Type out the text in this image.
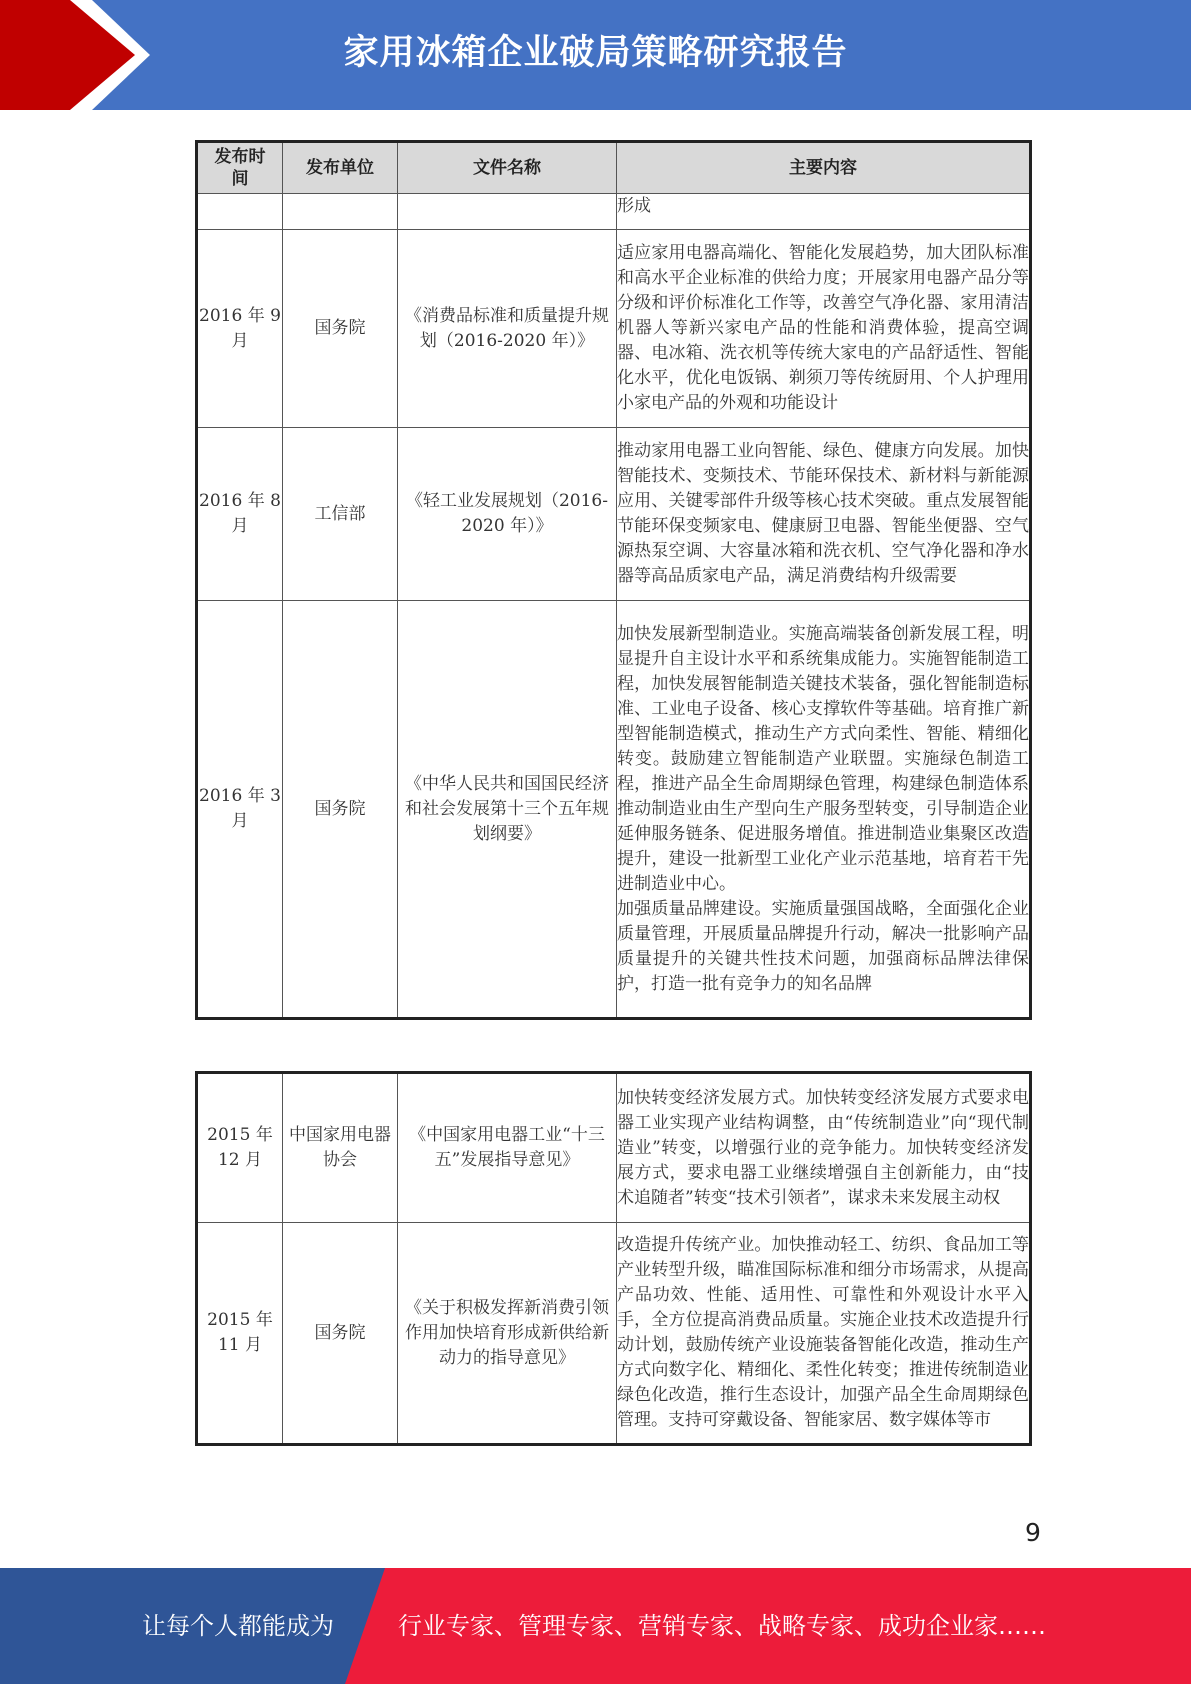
家用冰箱企业破局策略研究报告
发布时间	发布单位	文件名称	主要内容
			形成
2016 年 9 月	国务院	《消费品标准和质量提升规划（2016-2020 年）》	适应家用电器高端化、智能化发展趋势，加大团队标准和高水平企业标准的供给力度；开展家用电器产品分等分级和评价标准化工作等，改善空气净化器、家用清洁机器人等新兴家电产品的性能和消费体验，提高空调器、电冰箱、洗衣机等传统大家电的产品舒适性、智能化水平，优化电饭锅、剃须刀等传统厨用、个人护理用小家电产品的外观和功能设计
2016 年 8 月	工信部	《轻工业发展规划（2016-2020 年）》	推动家用电器工业向智能、绿色、健康方向发展。加快智能技术、变频技术、节能环保技术、新材料与新能源应用、关键零部件升级等核心技术突破。重点发展智能节能环保变频家电、健康厨卫电器、智能坐便器、空气源热泵空调、大容量冰箱和洗衣机、空气净化器和净水器等高品质家电产品，满足消费结构升级需要
2016 年 3 月	国务院	《中华人民共和国国民经济和社会发展第十三个五年规划纲要》	加快发展新型制造业。实施高端装备创新发展工程，明显提升自主设计水平和系统集成能力。实施智能制造工程，加快发展智能制造关键技术装备，强化智能制造标准、工业电子设备、核心支撑软件等基础。培育推广新型智能制造模式，推动生产方式向柔性、智能、精细化转变。鼓励建立智能制造产业联盟。实施绿色制造工程，推进产品全生命周期绿色管理，构建绿色制造体系推动制造业由生产型向生产服务型转变，引导制造企业延伸服务链条、促进服务增值。推进制造业集聚区改造提升，建设一批新型工业化产业示范基地，培育若干先进制造业中心。
加强质量品牌建设。实施质量强国战略，全面强化企业质量管理，开展质量品牌提升行动，解决一批影响产品质量提升的关键共性技术问题，加强商标品牌法律保护，打造一批有竞争力的知名品牌
2015 年 12 月	中国家用电器协会	《中国家用电器工业“十三五”发展指导意见》	加快转变经济发展方式。加快转变经济发展方式要求电器工业实现产业结构调整，由“传统制造业”向“现代制造业”转变，以增强行业的竞争能力。加快转变经济发展方式，要求电器工业继续增强自主创新能力，由“技术追随者”转变“技术引领者”，谋求未来发展主动权
2015 年 11 月	国务院	《关于积极发挥新消费引领作用加快培育形成新供给新动力的指导意见》	改造提升传统产业。加快推动轻工、纺织、食品加工等产业转型升级，瞄准国际标准和细分市场需求，从提高产品功效、性能、适用性、可靠性和外观设计水平入手，全方位提高消费品质量。实施企业技术改造提升行动计划，鼓励传统产业设施装备智能化改造，推动生产方式向数字化、精细化、柔性化转变；推进传统制造业绿色化改造，推行生态设计，加强产品全生命周期绿色管理。支持可穿戴设备、智能家居、数字媒体等市
9
让每个人都能成为	行业专家、管理专家、营销专家、战略专家、成功企业家……
